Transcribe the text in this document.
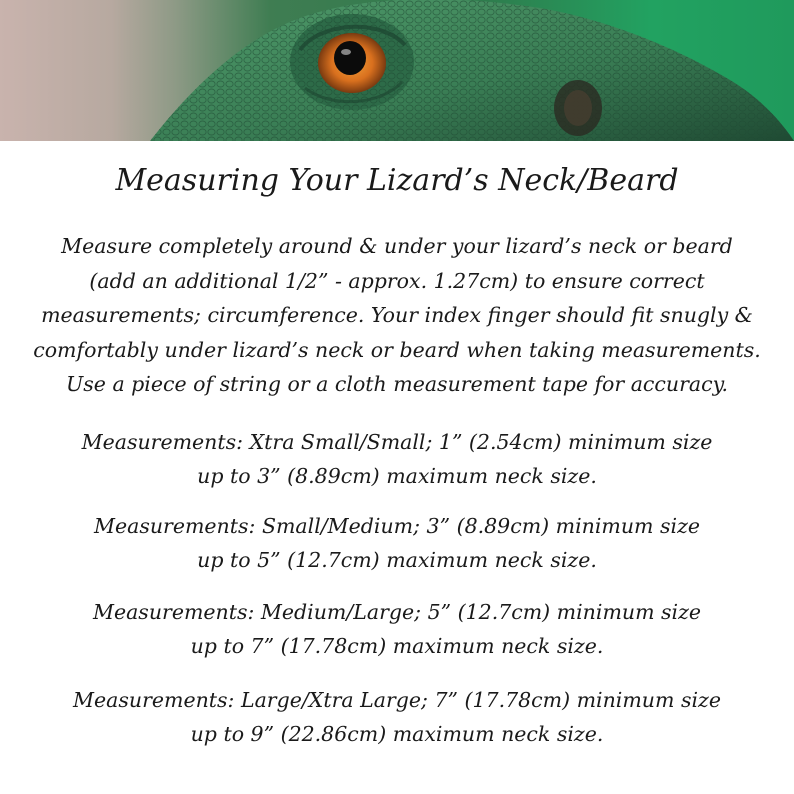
Measuring Your Lizard’s Neck/Beard

Measure completely around & under your lizard’s neck or beard
(add an additional 1/2” - approx. 1.27cm) to ensure correct
measurements; circumference. Your index finger should fit snugly &
comfortably under lizard’s neck or beard when taking measurements.
Use a piece of string or a cloth measurement tape for accuracy.

Measurements: Xtra Small/Small; 1” (2.54cm) minimum size
up to 3” (8.89cm) maximum neck size.

Measurements: Small/Medium; 3” (8.89cm) minimum size
up to 5” (12.7cm) maximum neck size.

Measurements: Medium/Large; 5” (12.7cm) minimum size
up to 7” (17.78cm) maximum neck size.

Measurements: Large/Xtra Large; 7” (17.78cm) minimum size
up to 9” (22.86cm) maximum neck size.
